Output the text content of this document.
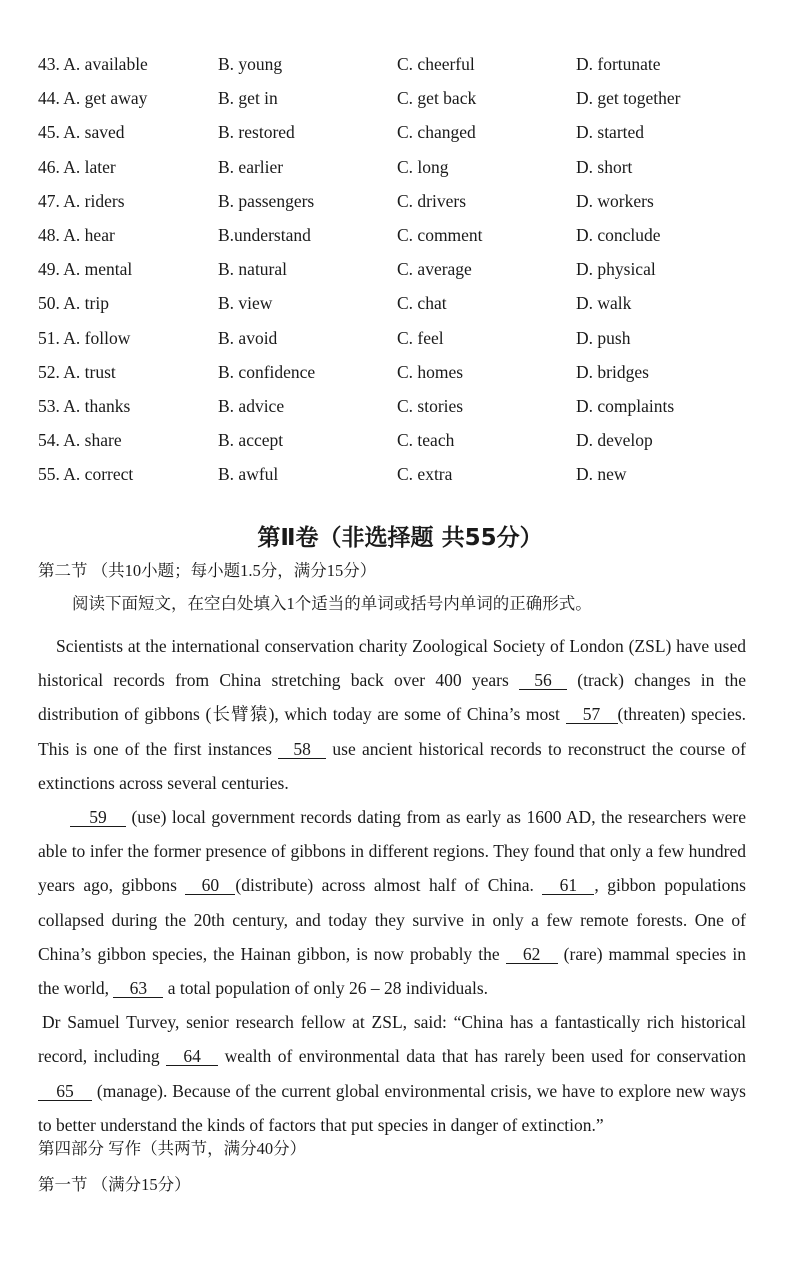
43. A. available	B. young	C. cheerful	D. fortunate
44. A. get away	B. get in	C. get back	D. get together
45. A. saved	B. restored	C. changed	D. started
46. A. later	B. earlier	C. long	D. short
47. A. riders	B. passengers	C. drivers	D. workers
48. A. hear	B.understand	C. comment	D. conclude
49. A. mental	B. natural	C. average	D. physical
50. A. trip	B. view	C. chat	D. walk
51. A. follow	B. avoid	C. feel	D. push
52. A. trust	B. confidence	C. homes	D. bridges
53. A. thanks	B. advice	C. stories	D. complaints
54. A. share	B. accept	C. teach	D. develop
55. A. correct	B. awful	C. extra	D. new
第Ⅱ卷（非选择题 共55分）
第二节 （共10小题；每小题1.5分，满分15分）
阅读下面短文，在空白处填入1个适当的单词或括号内单词的正确形式。

Scientists at the international conservation charity Zoological Society of London (ZSL) have used historical records from China stretching back over 400 years 56 (track) changes in the distribution of gibbons (长臂猿), which today are some of China’s most 57 (threaten) species. This is one of the first instances 58 use ancient historical records to reconstruct the course of extinctions across several centuries.

59 (use) local government records dating from as early as 1600 AD, the researchers were able to infer the former presence of gibbons in different regions. They found that only a few hundred years ago, gibbons 60 (distribute) across almost half of China. 61 , gibbon populations collapsed during the 20th century, and today they survive in only a few remote forests. One of China’s gibbon species, the Hainan gibbon, is now probably the 62 (rare) mammal species in the world, 63 a total population of only 26 – 28 individuals.

Dr Samuel Turvey, senior research fellow at ZSL, said: “China has a fantastically rich historical record, including 64 wealth of environmental data that has rarely been used for conservation 65 (manage). Because of the current global environmental crisis, we have to explore new ways to better understand the kinds of factors that put species in danger of extinction.”

第四部分 写作（共两节，满分40分）
第一节 （满分15分）
